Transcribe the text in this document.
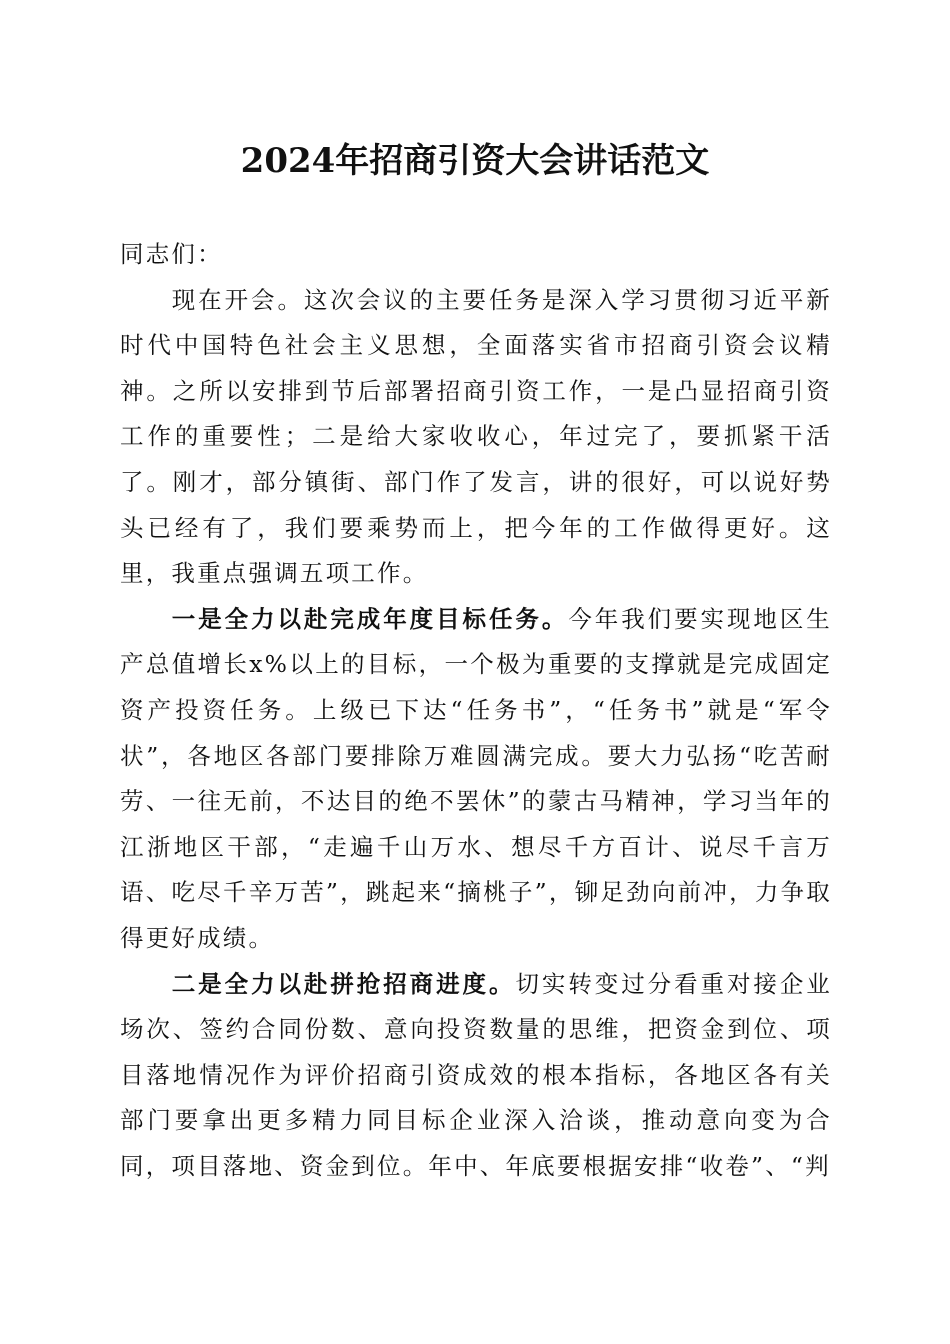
2024年招商引资大会讲话范文

同志们：

现在开会。这次会议的主要任务是深入学习贯彻习近平新时代中国特色社会主义思想，全面落实省市招商引资会议精神。之所以安排到节后部署招商引资工作，一是凸显招商引资工作的重要性；二是给大家收收心，年过完了，要抓紧干活了。刚才，部分镇街、部门作了发言，讲的很好，可以说好势头已经有了，我们要乘势而上，把今年的工作做得更好。这里，我重点强调五项工作。

一是全力以赴完成年度目标任务。今年我们要实现地区生产总值增长x%以上的目标，一个极为重要的支撑就是完成固定资产投资任务。上级已下达“任务书”，“任务书”就是“军令状”，各地区各部门要排除万难圆满完成。要大力弘扬“吃苦耐劳、一往无前，不达目的绝不罢休”的蒙古马精神，学习当年的江浙地区干部，“走遍千山万水、想尽千方百计、说尽千言万语、吃尽千辛万苦”，跳起来“摘桃子”，铆足劲向前冲，力争取得更好成绩。

二是全力以赴拼抢招商进度。切实转变过分看重对接企业场次、签约合同份数、意向投资数量的思维，把资金到位、项目落地情况作为评价招商引资成效的根本指标，各地区各有关部门要拿出更多精力同目标企业深入洽谈，推动意向变为合同，项目落地、资金到位。年中、年底要根据安排“收卷”、“判
